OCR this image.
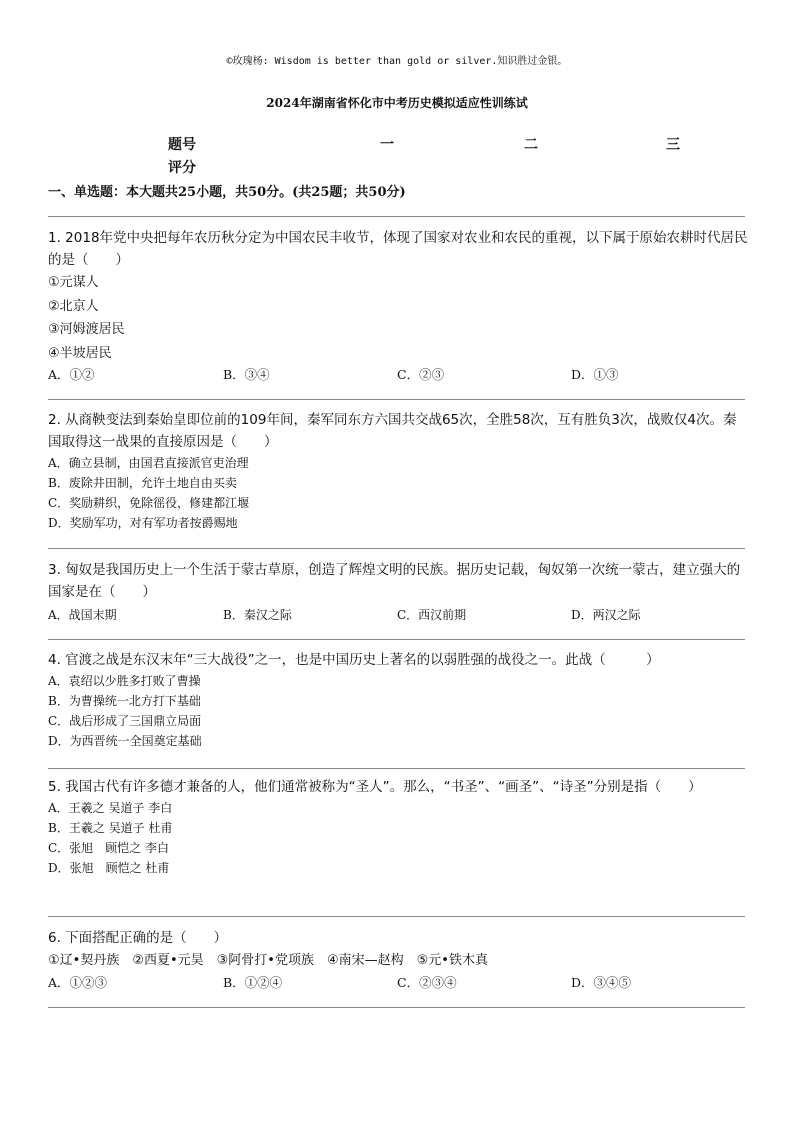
©玫瑰杨: Wisdom is better than gold or silver.知识胜过金银。
2024年湖南省怀化市中考历史模拟适应性训练试
题号	一	二	三
评分
一、单选题：本大题共25小题，共50分。(共25题；共50分)

1. 2018年党中央把每年农历秋分定为中国农民丰收节，体现了国家对农业和农民的重视，以下属于原始农耕时代居民的是（　　）

①元谋人
②北京人
③河姆渡居民
④半坡居民
A．①②	B．③④	C．②③	D．①③

2. 从商鞅变法到秦始皇即位前的109年间，秦军同东方六国共交战65次，全胜58次，互有胜负3次，战败仅4次。秦国取得这一战果的直接原因是（　　）

A．确立县制，由国君直接派官吏治理
B．废除井田制，允许土地自由买卖
C．奖励耕织，免除徭役，修建都江堰
D．奖励军功，对有军功者按爵赐地

3. 匈奴是我国历史上一个生活于蒙古草原，创造了辉煌文明的民族。据历史记载，匈奴第一次统一蒙古，建立强大的国家是在（　　）

A．战国末期	B．秦汉之际	C．西汉前期	D．两汉之际

4. 官渡之战是东汉末年“三大战役”之一，也是中国历史上著名的以弱胜强的战役之一。此战（　　　）

A．袁绍以少胜多打败了曹操
B．为曹操统一北方打下基础
C．战后形成了三国鼎立局面
D．为西晋统一全国奠定基础

5. 我国古代有许多德才兼备的人，他们通常被称为“圣人”。那么，“书圣”、“画圣”、“诗圣”分别是指（　　）

A．王羲之 吴道子 李白
B．王羲之 吴道子 杜甫
C．张旭　顾恺之 李白
D．张旭　顾恺之 杜甫

6. 下面搭配正确的是（　　）

①辽•契丹族　②西夏•元昊　③阿骨打•党项族　④南宋—赵构　⑤元•铁木真
A．①②③	B．①②④	C．②③④	D．③④⑤
